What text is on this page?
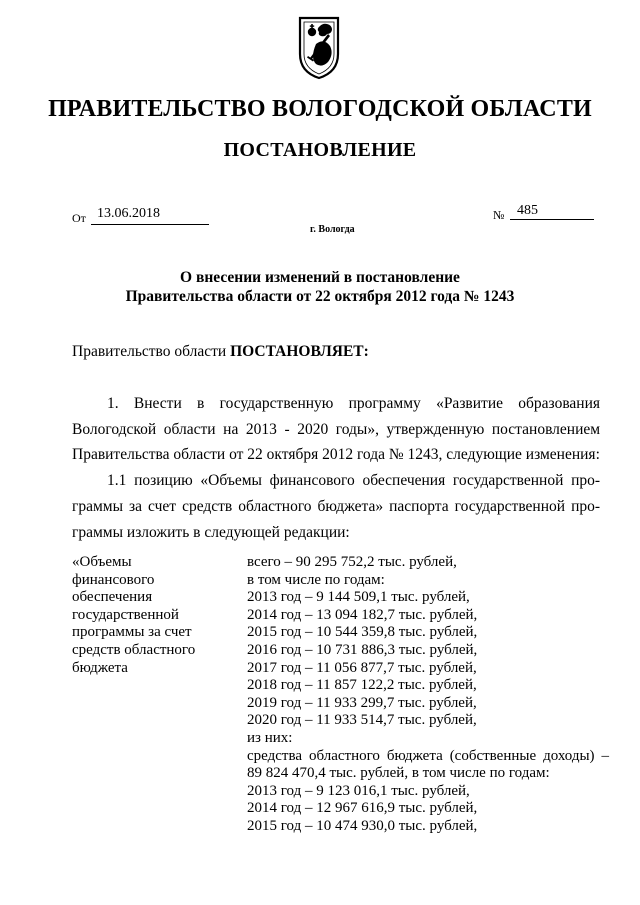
ПРАВИТЕЛЬСТВО ВОЛОГОДСКОЙ ОБЛАСТИ
ПОСТАНОВЛЕНИЕ
От 13.06.2018	№ 485
г. Вологда
О внесении изменений в постановление
Правительства области от 22 октября 2012 года № 1243
Правительство области ПОСТАНОВЛЯЕТ:
1. Внести в государственную программу «Развитие образования
Вологодской области на 2013 - 2020 годы», утвержденную постановлением
Правительства области от 22 октября 2012 года № 1243, следующие изменения:
1.1 позицию «Объемы финансового обеспечения государственной про-
граммы за счет средств областного бюджета» паспорта государственной про-
граммы изложить в следующей редакции:
«Объемы
финансового
обеспечения
государственной
программы за счет
средств областного
бюджета
всего – 90 295 752,2 тыс. рублей,
в том числе по годам:
2013 год – 9 144 509,1 тыс. рублей,
2014 год – 13 094 182,7 тыс. рублей,
2015 год – 10 544 359,8 тыс. рублей,
2016 год – 10 731 886,3 тыс. рублей,
2017 год – 11 056 877,7 тыс. рублей,
2018 год – 11 857 122,2 тыс. рублей,
2019 год – 11 933 299,7 тыс. рублей,
2020 год – 11 933 514,7 тыс. рублей,
из них:
средства областного бюджета (собственные доходы) –
89 824 470,4 тыс. рублей, в том числе по годам:
2013 год – 9 123 016,1 тыс. рублей,
2014 год – 12 967 616,9 тыс. рублей,
2015 год – 10 474 930,0 тыс. рублей,
